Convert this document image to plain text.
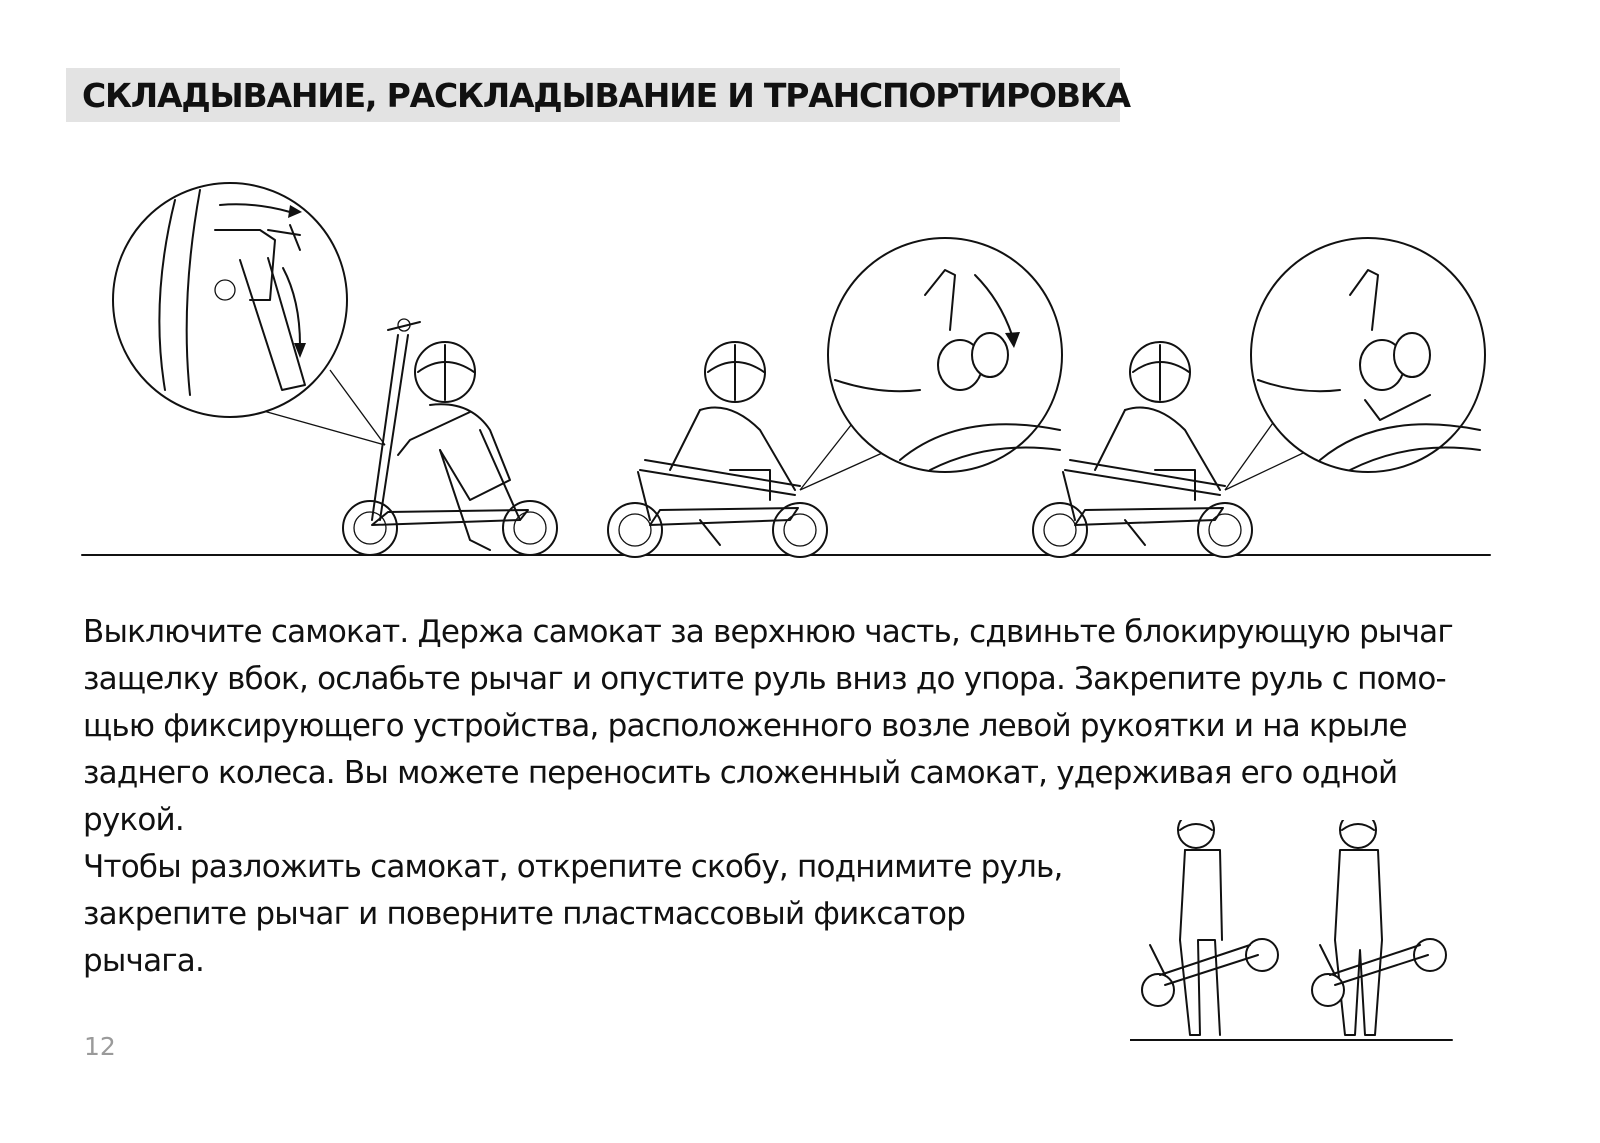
СКЛАДЫВАНИЕ, РАСКЛАДЫВАНИЕ И ТРАНСПОРТИРОВКА

Выключите самокат. Держа самокат за верхнюю часть, сдвиньте блокирующую рычаг
защелку вбок, ослабьте рычаг и опустите руль вниз до упора. Закрепите руль с помо-
щью фиксирующего устройства, расположенного возле левой рукоятки и на крыле
заднего колеса. Вы можете переносить сложенный самокат, удерживая его одной
рукой.

Чтобы разложить самокат, открепите скобу, поднимите руль,
закрепите рычаг и поверните пластмассовый фиксатор
рычага.

12
